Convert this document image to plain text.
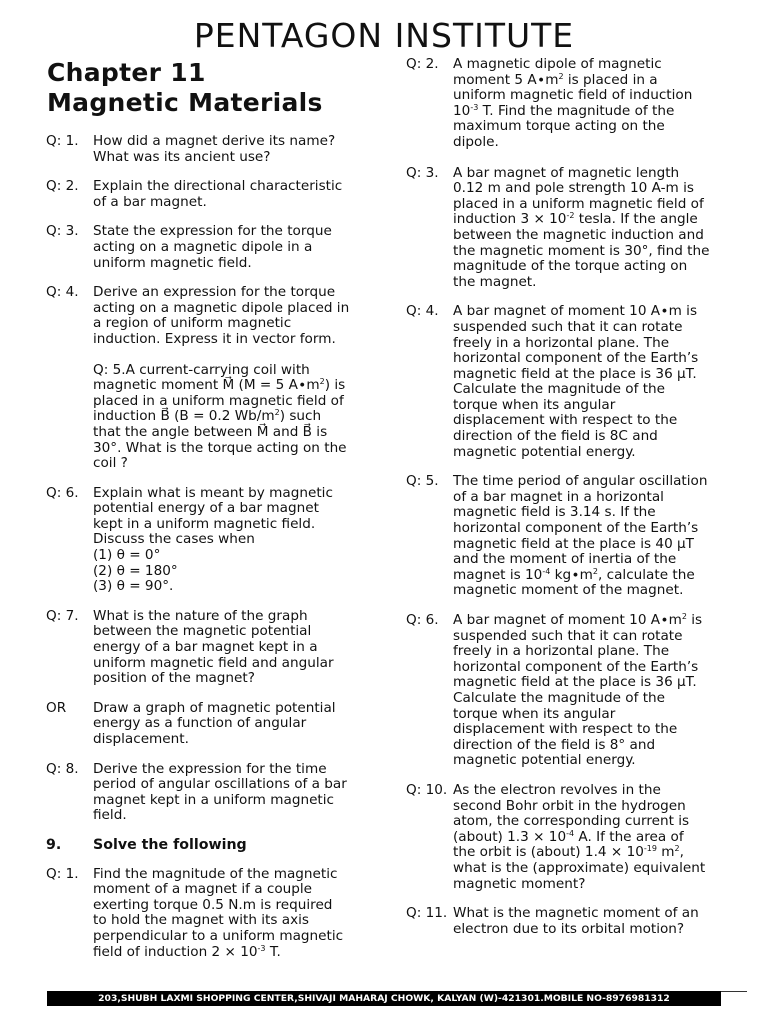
PENTAGON INSTITUTE
Chapter 11
Magnetic Materials
Q: 1.	How did a magnet derive its name?
What was its ancient use?
Q: 2.	Explain the directional characteristic
of a bar magnet.
Q: 3.	State the expression for the torque
acting on a magnetic dipole in a
uniform magnetic field.
Q: 4.	Derive an expression for the torque
acting on a magnetic dipole placed in
a region of uniform magnetic
induction. Express it in vector form.
Q: 5.A current-carrying coil with
magnetic moment M⃗ (M = 5 $A\cdot m^2$) is
placed in a uniform magnetic field of
induction B⃗ (B = 0.2 $Wb/m^2$) such
that the angle between M⃗ and B⃗ is
30°. What is the torque acting on the
coil ?
Q: 6.	Explain what is meant by magnetic
potential energy of a bar magnet
kept in a uniform magnetic field.
Discuss the cases when
(1) θ = 0°
(2) θ = 180°
(3) θ = 90°.
Q: 7.	What is the nature of the graph
between the magnetic potential
energy of a bar magnet kept in a
uniform magnetic field and angular
position of the magnet?
OR	Draw a graph of magnetic potential
energy as a function of angular
displacement.
Q: 8.	Derive the expression for the time
period of angular oscillations of a bar
magnet kept in a uniform magnetic
field.
9.	Solve the following
Q: 1.	Find the magnitude of the magnetic
moment of a magnet if a couple
exerting torque 0.5 N.m is required
to hold the magnet with its axis
perpendicular to a uniform magnetic
field of induction $2 \times 10^{-3}$ T.
Q: 2.	A magnetic dipole of magnetic
moment 5 $A\cdot m^2$ is placed in a
uniform magnetic field of induction
$10^{-3}$ T. Find the magnitude of the
maximum torque acting on the
dipole.
Q: 3.	A bar magnet of magnetic length
0.12 m and pole strength 10 A-m is
placed in a uniform magnetic field of
induction $3 \times 10^{-2}$ tesla. If the angle
between the magnetic induction and
the magnetic moment is 30°, find the
magnitude of the torque acting on
the magnet.
Q: 4.	A bar magnet of moment 10 A∙m is
suspended such that it can rotate
freely in a horizontal plane. The
horizontal component of the Earth’s
magnetic field at the place is 36 μT.
Calculate the magnitude of the
torque when its angular
displacement with respect to the
direction of the field is 8C and
magnetic potential energy.
Q: 5.	The time period of angular oscillation
of a bar magnet in a horizontal
magnetic field is 3.14 s. If the
horizontal component of the Earth’s
magnetic field at the place is 40 μT
and the moment of inertia of the
magnet is $10^{-4}$ $kg\cdot m^2$, calculate the
magnetic moment of the magnet.
Q: 6.	A bar magnet of moment 10 $A\cdot m^2$ is
suspended such that it can rotate
freely in a horizontal plane. The
horizontal component of the Earth’s
magnetic field at the place is 36 μT.
Calculate the magnitude of the
torque when its angular
displacement with respect to the
direction of the field is 8° and
magnetic potential energy.
Q: 10. As the electron revolves in the
second Bohr orbit in the hydrogen
atom, the corresponding current is
(about) $1.3 \times 10^{-4}$ A. If the area of
the orbit is (about) $1.4 \times 10^{-19}$ $m^2$,
what is the (approximate) equivalent
magnetic moment?
Q: 11. What is the magnetic moment of an
electron due to its orbital motion?
203,SHUBH LAXMI SHOPPING CENTER,SHIVAJI MAHARAJ CHOWK, KALYAN (W)-421301.MOBILE NO-8976981312
